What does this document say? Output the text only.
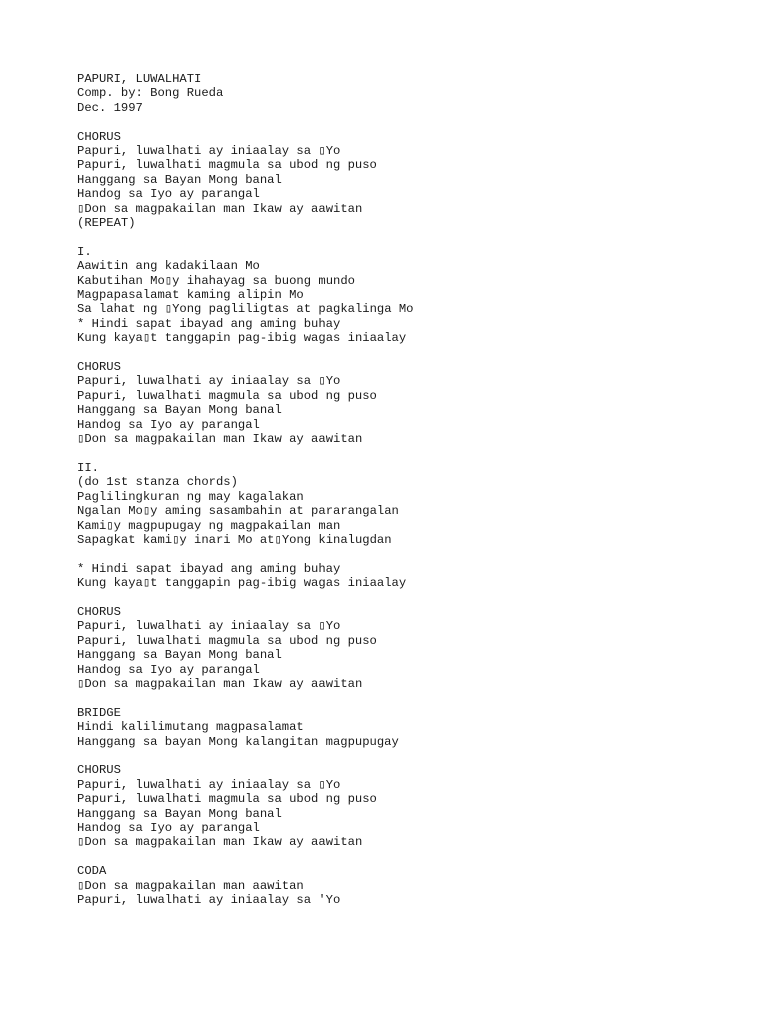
PAPURI, LUWALHATI
Comp. by: Bong Rueda
Dec. 1997
CHORUS
Papuri, luwalhati ay iniaalay sa ▯Yo
Papuri, luwalhati magmula sa ubod ng puso
Hanggang sa Bayan Mong banal
Handog sa Iyo ay parangal
▯Don sa magpakailan man Ikaw ay aawitan
(REPEAT)
I.
Aawitin ang kadakilaan Mo
Kabutihan Mo▯y ihahayag sa buong mundo
Magpapasalamat kaming alipin Mo
Sa lahat ng ▯Yong pagliligtas at pagkalinga Mo
* Hindi sapat ibayad ang aming buhay
Kung kaya▯t tanggapin pag-ibig wagas iniaalay
CHORUS
Papuri, luwalhati ay iniaalay sa ▯Yo
Papuri, luwalhati magmula sa ubod ng puso
Hanggang sa Bayan Mong banal
Handog sa Iyo ay parangal
▯Don sa magpakailan man Ikaw ay aawitan
II.
(do 1st stanza chords)
Paglilingkuran ng may kagalakan
Ngalan Mo▯y aming sasambahin at pararangalan
Kami▯y magpupugay ng magpakailan man
Sapagkat kami▯y inari Mo at▯Yong kinalugdan
* Hindi sapat ibayad ang aming buhay
Kung kaya▯t tanggapin pag-ibig wagas iniaalay
CHORUS
Papuri, luwalhati ay iniaalay sa ▯Yo
Papuri, luwalhati magmula sa ubod ng puso
Hanggang sa Bayan Mong banal
Handog sa Iyo ay parangal
▯Don sa magpakailan man Ikaw ay aawitan
BRIDGE
Hindi kalilimutang magpasalamat
Hanggang sa bayan Mong kalangitan magpupugay
CHORUS
Papuri, luwalhati ay iniaalay sa ▯Yo
Papuri, luwalhati magmula sa ubod ng puso
Hanggang sa Bayan Mong banal
Handog sa Iyo ay parangal
▯Don sa magpakailan man Ikaw ay aawitan
CODA
▯Don sa magpakailan man aawitan
Papuri, luwalhati ay iniaalay sa 'Yo
